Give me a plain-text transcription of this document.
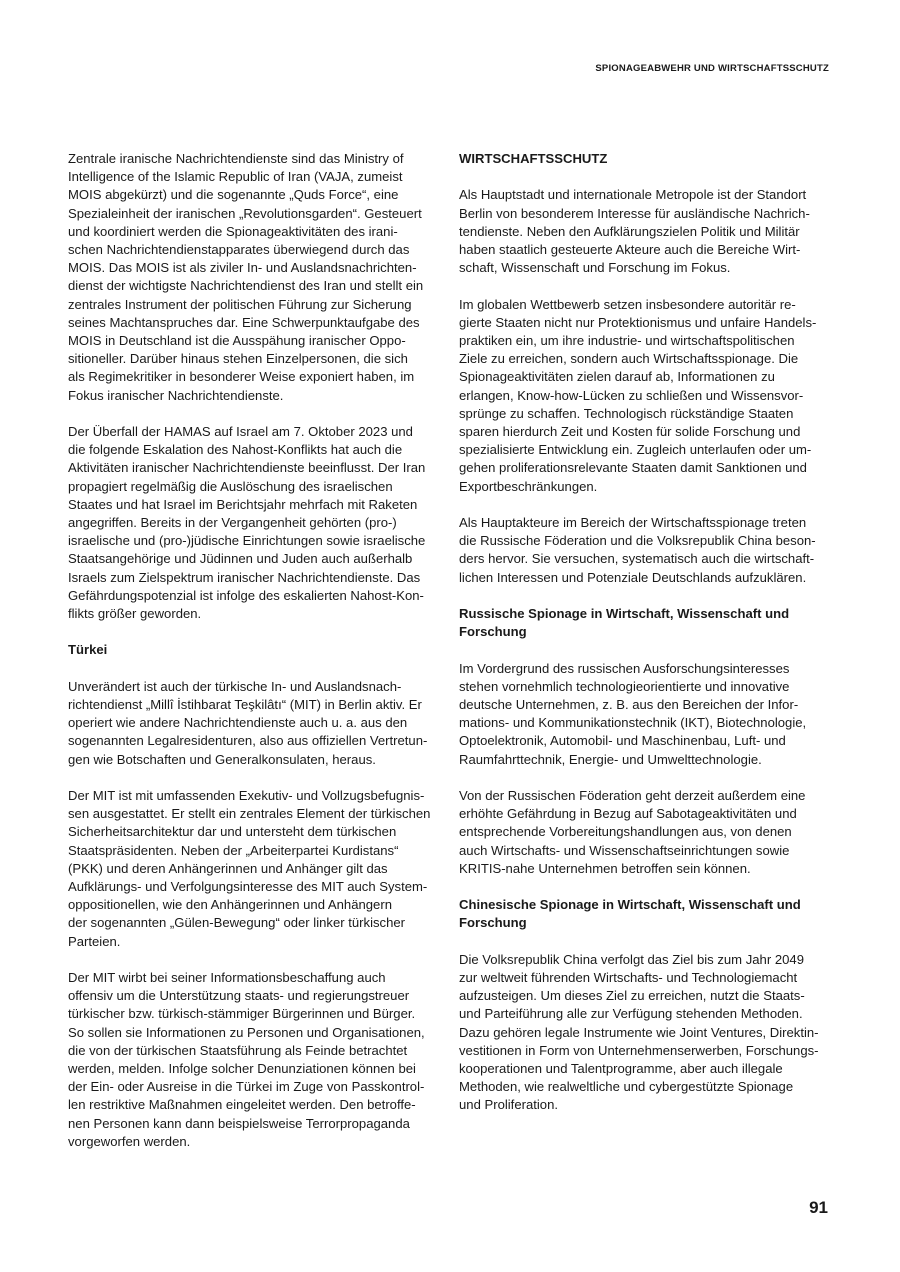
SPIONAGEABWEHR UND WIRTSCHAFTSSCHUTZ

Zentrale iranische Nachrichtendienste sind das Ministry of
Intelligence of the Islamic Republic of Iran (VAJA, zumeist
MOIS abgekürzt) und die sogenannte „Quds Force“, eine
Spezialeinheit der iranischen „Revolutionsgarden“. Gesteuert
und koordiniert werden die Spionageaktivitäten des irani-
schen Nachrichtendienstapparates überwiegend durch das
MOIS. Das MOIS ist als ziviler In- und Auslandsnachrichten-
dienst der wichtigste Nachrichtendienst des Iran und stellt ein
zentrales Instrument der politischen Führung zur Sicherung
seines Machtanspruches dar. Eine Schwerpunktaufgabe des
MOIS in Deutschland ist die Ausspähung iranischer Oppo-
sitioneller. Darüber hinaus stehen Einzelpersonen, die sich
als Regimekritiker in besonderer Weise exponiert haben, im
Fokus iranischer Nachrichtendienste.

Der Überfall der HAMAS auf Israel am 7. Oktober 2023 und
die folgende Eskalation des Nahost-Konflikts hat auch die
Aktivitäten iranischer Nachrichtendienste beeinflusst. Der Iran
propagiert regelmäßig die Auslöschung des israelischen
Staates und hat Israel im Berichtsjahr mehrfach mit Raketen
angegriffen. Bereits in der Vergangenheit gehörten (pro-)
israelische und (pro-)jüdische Einrichtungen sowie israelische
Staatsangehörige und Jüdinnen und Juden auch außerhalb
Israels zum Zielspektrum iranischer Nachrichtendienste. Das
Gefährdungspotenzial ist infolge des eskalierten Nahost-Kon-
flikts größer geworden.

Türkei

Unverändert ist auch der türkische In- und Auslandsnach-
richtendienst „Millî İstihbarat Teşkilâtı“ (MIT) in Berlin aktiv. Er
operiert wie andere Nachrichtendienste auch u. a. aus den
sogenannten Legalresidenturen, also aus offiziellen Vertretun-
gen wie Botschaften und Generalkonsulaten, heraus.

Der MIT ist mit umfassenden Exekutiv- und Vollzugsbefugnis-
sen ausgestattet. Er stellt ein zentrales Element der türkischen
Sicherheitsarchitektur dar und untersteht dem türkischen
Staatspräsidenten. Neben der „Arbeiterpartei Kurdistans“
(PKK) und deren Anhängerinnen und Anhänger gilt das
Aufklärungs- und Verfolgungsinteresse des MIT auch System-
oppositionellen, wie den Anhängerinnen und Anhängern
der sogenannten „Gülen-Bewegung“ oder linker türkischer
Parteien.

Der MIT wirbt bei seiner Informationsbeschaffung auch
offensiv um die Unterstützung staats- und regierungstreuer
türkischer bzw. türkisch-stämmiger Bürgerinnen und Bürger.
So sollen sie Informationen zu Personen und Organisationen,
die von der türkischen Staatsführung als Feinde betrachtet
werden, melden. Infolge solcher Denunziationen können bei
der Ein- oder Ausreise in die Türkei im Zuge von Passkontrol-
len restriktive Maßnahmen eingeleitet werden. Den betroffe-
nen Personen kann dann beispielsweise Terrorpropaganda
vorgeworfen werden.

WIRTSCHAFTSSCHUTZ

Als Hauptstadt und internationale Metropole ist der Standort
Berlin von besonderem Interesse für ausländische Nachrich-
tendienste. Neben den Aufklärungszielen Politik und Militär
haben staatlich gesteuerte Akteure auch die Bereiche Wirt-
schaft, Wissenschaft und Forschung im Fokus.

Im globalen Wettbewerb setzen insbesondere autoritär re-
gierte Staaten nicht nur Protektionismus und unfaire Handels-
praktiken ein, um ihre industrie- und wirtschaftspolitischen
Ziele zu erreichen, sondern auch Wirtschaftsspionage. Die
Spionageaktivitäten zielen darauf ab, Informationen zu
erlangen, Know-how-Lücken zu schließen und Wissensvor-
sprünge zu schaffen. Technologisch rückständige Staaten
sparen hierdurch Zeit und Kosten für solide Forschung und
spezialisierte Entwicklung ein. Zugleich unterlaufen oder um-
gehen proliferationsrelevante Staaten damit Sanktionen und
Exportbeschränkungen.

Als Hauptakteure im Bereich der Wirtschaftsspionage treten
die Russische Föderation und die Volksrepublik China beson-
ders hervor. Sie versuchen, systematisch auch die wirtschaft-
lichen Interessen und Potenziale Deutschlands aufzuklären.

Russische Spionage in Wirtschaft, Wissenschaft und
Forschung

Im Vordergrund des russischen Ausforschungsinteresses
stehen vornehmlich technologieorientierte und innovative
deutsche Unternehmen, z. B. aus den Bereichen der Infor-
mations- und Kommunikationstechnik (IKT), Biotechnologie,
Optoelektronik, Automobil- und Maschinenbau, Luft- und
Raumfahrttechnik, Energie- und Umwelttechnologie.

Von der Russischen Föderation geht derzeit außerdem eine
erhöhte Gefährdung in Bezug auf Sabotageaktivitäten und
entsprechende Vorbereitungshandlungen aus, von denen
auch Wirtschafts- und Wissenschaftseinrichtungen sowie
KRITIS-nahe Unternehmen betroffen sein können.

Chinesische Spionage in Wirtschaft, Wissenschaft und
Forschung

Die Volksrepublik China verfolgt das Ziel bis zum Jahr 2049
zur weltweit führenden Wirtschafts- und Technologiemacht
aufzusteigen. Um dieses Ziel zu erreichen, nutzt die Staats-
und Parteiführung alle zur Verfügung stehenden Methoden.
Dazu gehören legale Instrumente wie Joint Ventures, Direktin-
vestitionen in Form von Unternehmenserwerben, Forschungs-
kooperationen und Talentprogramme, aber auch illegale
Methoden, wie realweltliche und cybergestützte Spionage
und Proliferation.

91
